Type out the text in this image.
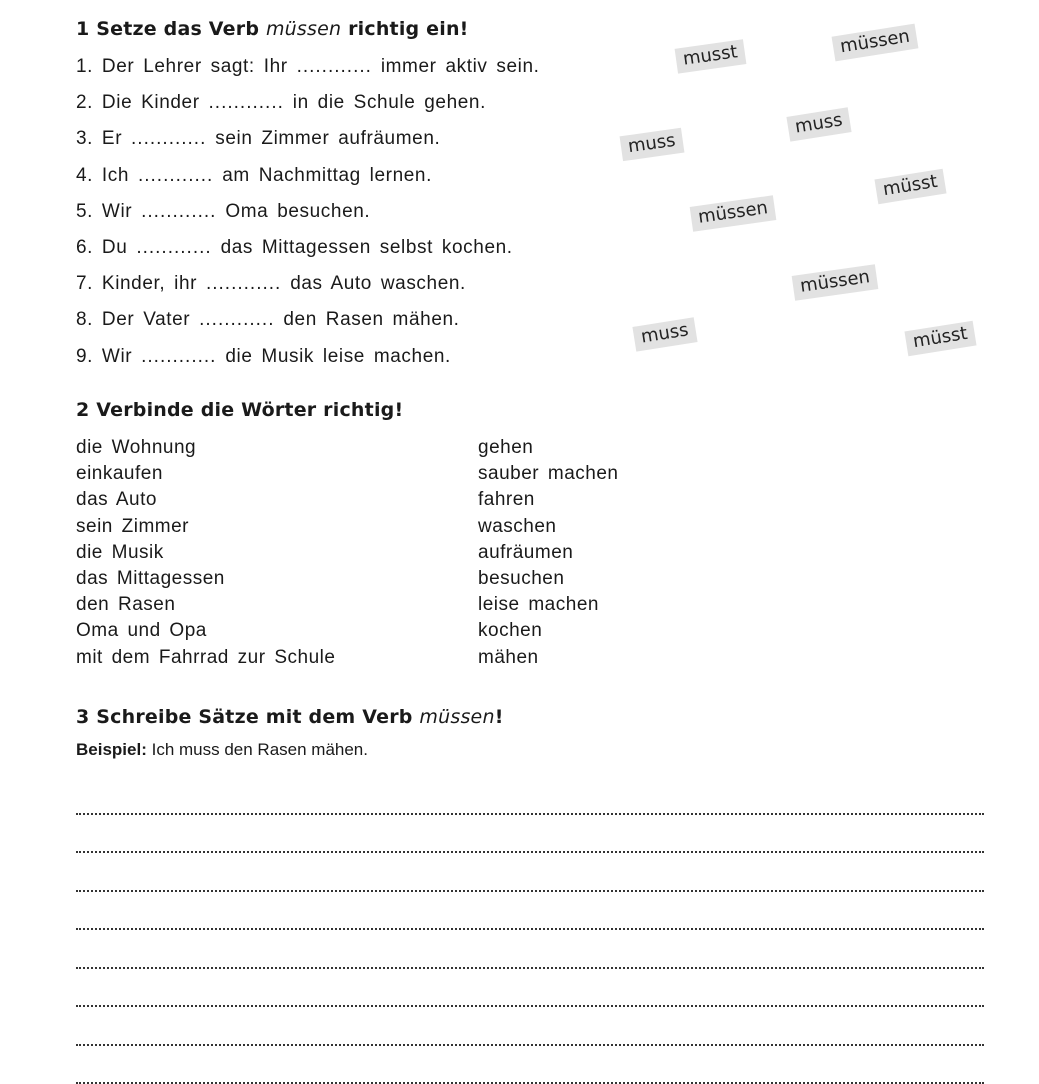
1 Setze das Verb müssen richtig ein!
1. Der Lehrer sagt: Ihr ............ immer aktiv sein.
2. Die Kinder ............ in die Schule gehen.
3. Er ............ sein Zimmer aufräumen.
4. Ich ............ am Nachmittag lernen.
5. Wir ............ Oma besuchen.
6. Du ............ das Mittagessen selbst kochen.
7. Kinder, ihr ............ das Auto waschen.
8. Der Vater ............ den Rasen mähen.
9. Wir ............ die Musik leise machen.
musst	müssen
muss
muss
müsst
müssen
müssen
muss	müsst
2 Verbinde die Wörter richtig!
die Wohnung
einkaufen
das Auto
sein Zimmer
die Musik
das Mittagessen
den Rasen
Oma und Opa
mit dem Fahrrad zur Schule
gehen
sauber machen
fahren
waschen
aufräumen
besuchen
leise machen
kochen
mähen
3 Schreibe Sätze mit dem Verb müssen!
Beispiel: Ich muss den Rasen mähen.
